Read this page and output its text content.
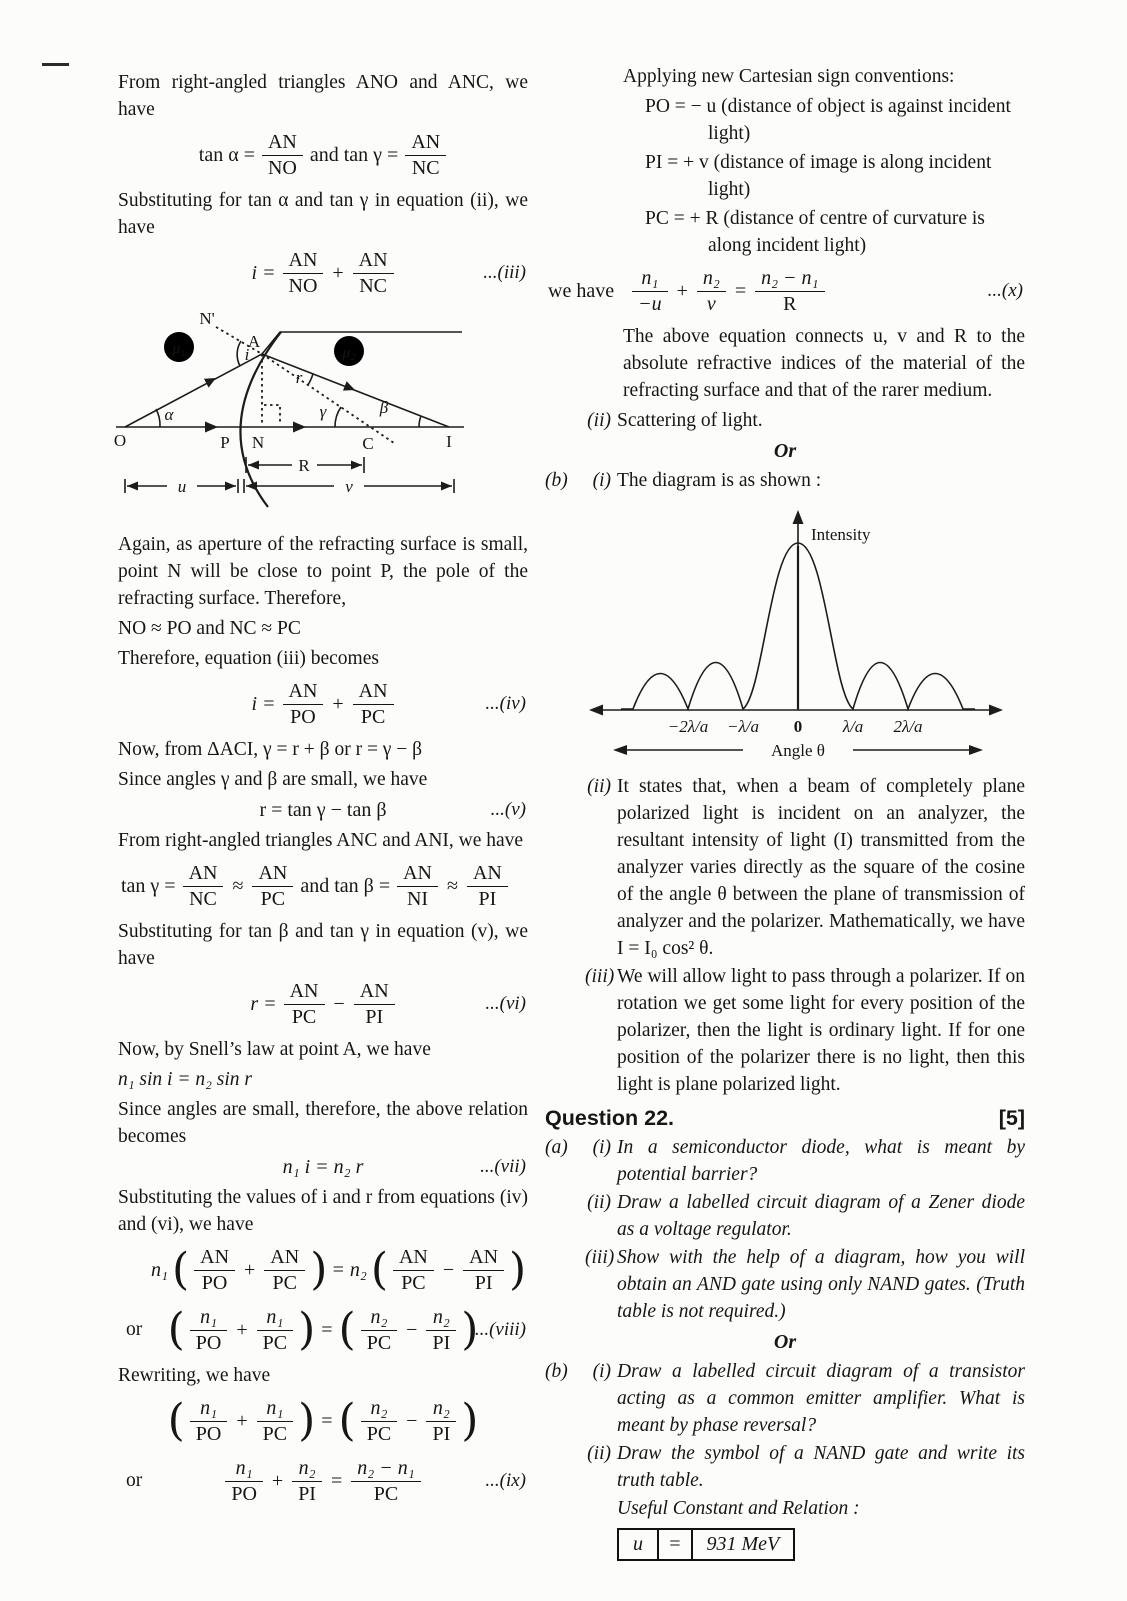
From right-angled triangles ANO and ANC, we have

$\tan \alpha = \frac{AN}{NO}$ and $\tan \gamma = \frac{AN}{NC}$

Substituting for tan α and tan γ in equation (ii), we have

$i = \frac{AN}{NO} + \frac{AN}{NC}$	...(iii)
μ₁	μ₂
N'
A
i
r
α	γ	β
O	P N	C	I
R
u	v

Again, as aperture of the refracting surface is small, point N will be close to point P, the pole of the refracting surface. Therefore,

NO ≈ PO and NC ≈ PC

Therefore, equation (iii) becomes

$i = \frac{AN}{PO} + \frac{AN}{PC}$	...(iv)

Now, from ΔACI, γ = r + β or r = γ − β

Since angles γ and β are small, we have

r = tan γ − tan β	...(v)

From right-angled triangles ANC and ANI, we have

$\tan \gamma = \frac{AN}{NC} \approx \frac{AN}{PC}$ and $\tan \beta = \frac{AN}{NI} \approx \frac{AN}{PI}$

Substituting for tan β and tan γ in equation (v), we have

$r = \frac{AN}{PC} - \frac{AN}{PI}$	...(vi)

Now, by Snell’s law at point A, we have

n₁ sin i = n₂ sin r

Since angles are small, therefore, the above relation becomes

n₁ i = n₂ r	...(vii)

Substituting the values of i and r from equations (iv) and (vi), we have

n₁ ( $\frac{AN}{PO} + \frac{AN}{PC}$ ) = n₂ ( $\frac{AN}{PC} - \frac{AN}{PI}$ )
or ( $\frac{\text{n₁}}{PO} + \frac{\text{n₁}}{PC}$ ) = ( $\frac{\text{n₂}}{PC} - \frac{\text{n₂}}{PI}$ )
...(viii)

Rewriting, we have

( $\frac{\text{n₁}}{PO} + \frac{\text{n₁}}{PC}$ ) = ( $\frac{\text{n₂}}{PC} - \frac{\text{n₂}}{PI}$ )
or	$\frac{\text{n₁}}{PO} + \frac{\text{n₂}}{PI} = \frac{\text{n₂ − n₁}}{PC}$	...(ix)

Applying new Cartesian sign conventions:

PO = − u (distance of object is against incident light)

PI = + v (distance of image is along incident light)

PC = + R (distance of centre of curvature is along incident light)

we have $\frac{\text{n₁}}{-u} + \frac{\text{n₂}}{v} = \frac{\text{n₂ − n₁}}{R}$	...(x)

The above equation connects u, v and R to the absolute refractive indices of the material of the refracting surface and that of the rarer medium.

(ii) Scattering of light.
Or
(b)	(i) The diagram is as shown :
Intensity
−2λ/a −λ/a 0 λ/a 2λ/a
Angle θ
(ii) It states that, when a beam of completely plane polarized light is incident on an analyzer, the resultant intensity of light (I) transmitted from the analyzer varies directly as the square of the cosine of the angle θ between the plane of transmission of analyzer and the polarizer. Mathematically, we have I = I₀ cos² θ.
(iii) We will allow light to pass through a polarizer. If on rotation we get some light for every position of the polarizer, then the light is ordinary light. If for one position of the polarizer there is no light, then this light is plane polarized light.
Question 22.	[5]
(a)	(i) In a semiconductor diode, what is meant by potential barrier?
(ii) Draw a labelled circuit diagram of a Zener diode as a voltage regulator.
(iii) Show with the help of a diagram, how you will obtain an AND gate using only NAND gates. (Truth table is not required.)
Or
(b)	(i) Draw a labelled circuit diagram of a transistor acting as a common emitter amplifier. What is meant by phase reversal?
(ii) Draw the symbol of a NAND gate and write its truth table.
Useful Constant and Relation :
u	=	931 MeV
